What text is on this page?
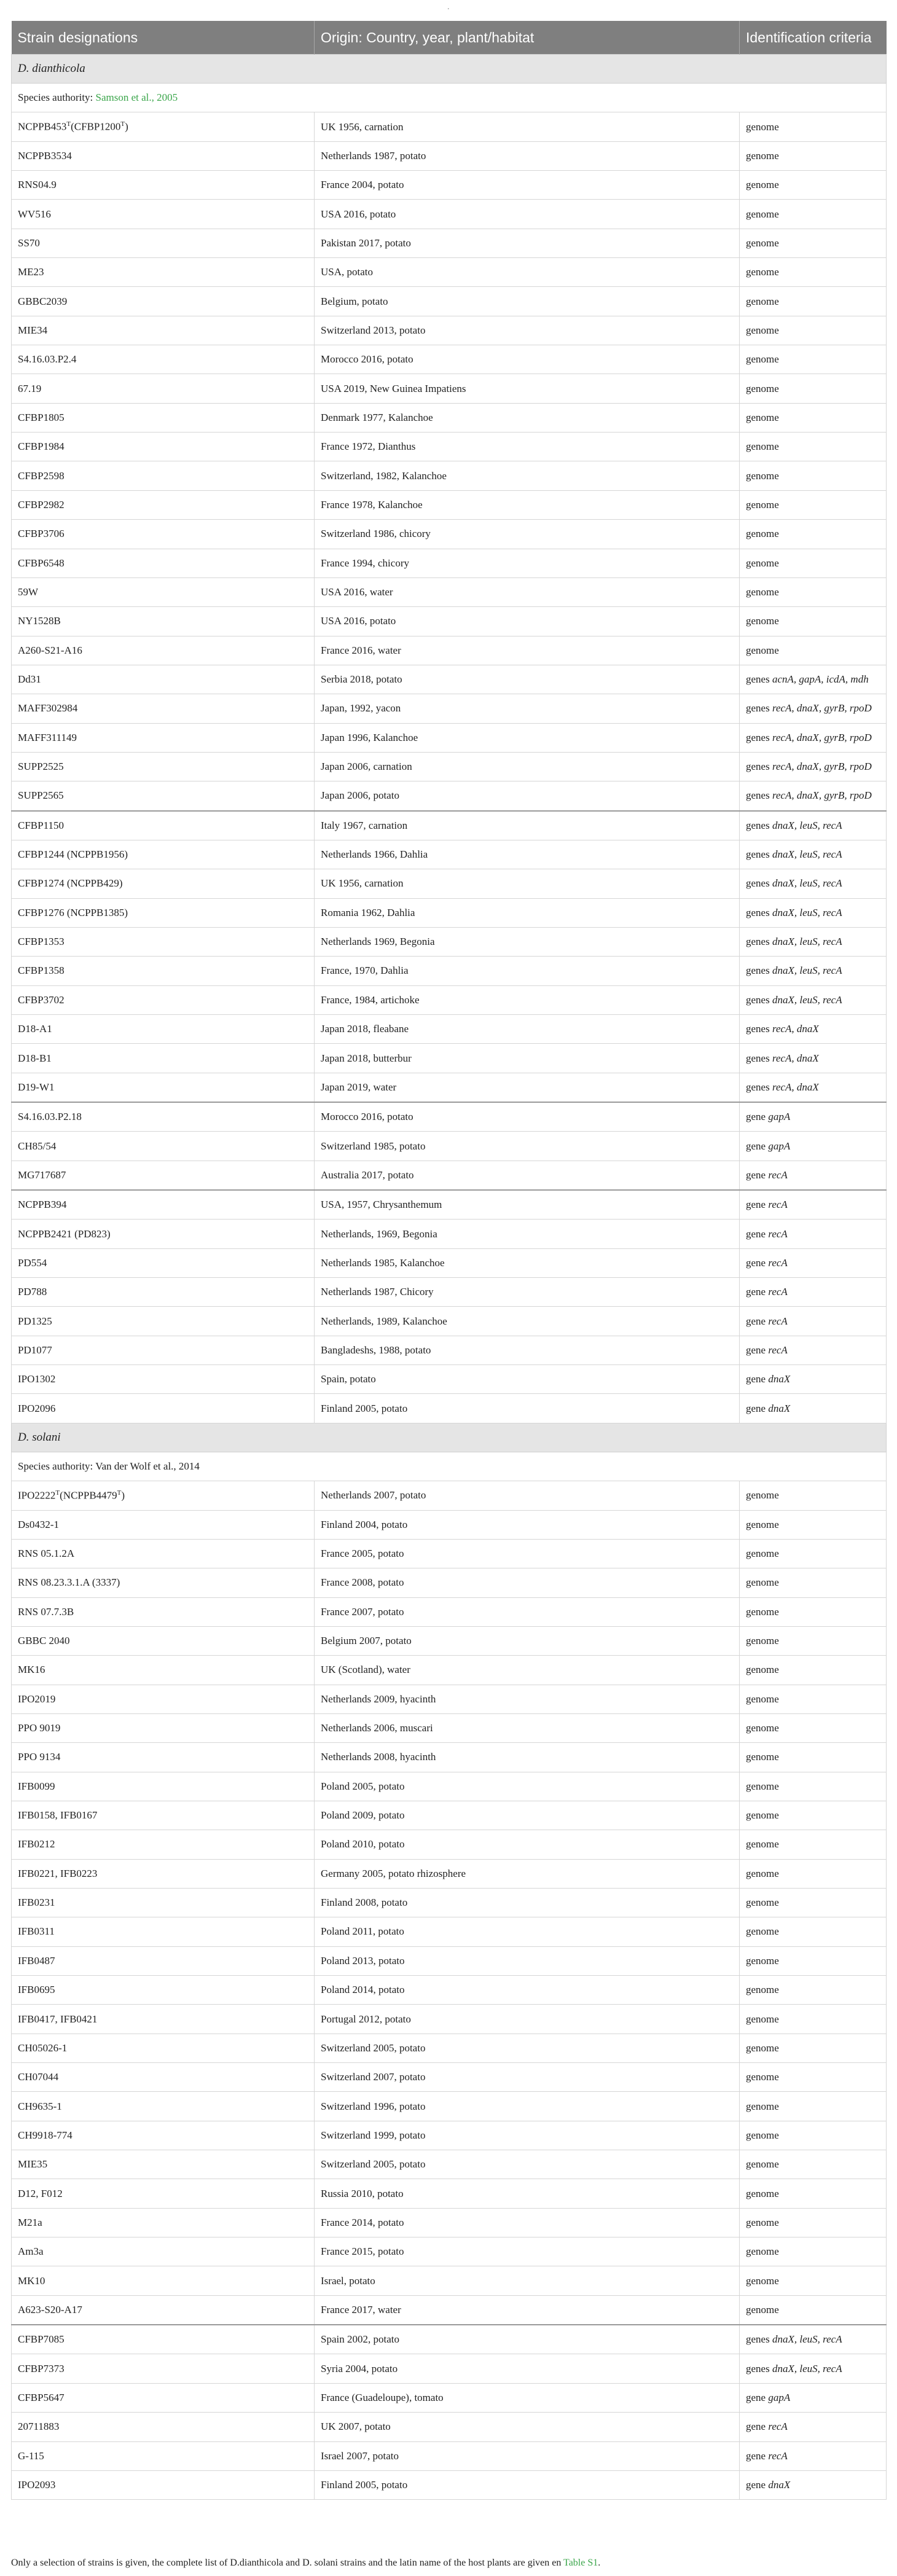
.
Strain designations	Origin: Country, year, plant/habitat	Identification criteria
D. dianthicola		
Species authority: Samson et al., 2005		
$NCPPB453^T(CFBP1200^T)$	UK 1956, carnation	genome
NCPPB3534	Netherlands 1987, potato	genome
RNS04.9	France 2004, potato	genome
WV516	USA 2016, potato	genome
SS70	Pakistan 2017, potato	genome
ME23	USA, potato	genome
GBBC2039	Belgium, potato	genome
MIE34	Switzerland 2013, potato	genome
S4.16.03.P2.4	Morocco 2016, potato	genome
67.19	USA 2019, New Guinea Impatiens	genome
CFBP1805	Denmark 1977, Kalanchoe	genome
CFBP1984	France 1972, Dianthus	genome
CFBP2598	Switzerland, 1982, Kalanchoe	genome
CFBP2982	France 1978, Kalanchoe	genome
CFBP3706	Switzerland 1986, chicory	genome
CFBP6548	France 1994, chicory	genome
59W	USA 2016, water	genome
NY1528B	USA 2016, potato	genome
A260-S21-A16	France 2016, water	genome
Dd31	Serbia 2018, potato	genes acnA, gapA, icdA, mdh
MAFF302984	Japan, 1992, yacon	genes recA, dnaX, gyrB, rpoD
MAFF311149	Japan 1996, Kalanchoe	genes recA, dnaX, gyrB, rpoD
SUPP2525	Japan 2006, carnation	genes recA, dnaX, gyrB, rpoD
SUPP2565	Japan 2006, potato	genes recA, dnaX, gyrB, rpoD
CFBP1150	Italy 1967, carnation	genes dnaX, leuS, recA
CFBP1244 (NCPPB1956)	Netherlands 1966, Dahlia	genes dnaX, leuS, recA
CFBP1274 (NCPPB429)	UK 1956, carnation	genes dnaX, leuS, recA
CFBP1276 (NCPPB1385)	Romania 1962, Dahlia	genes dnaX, leuS, recA
CFBP1353	Netherlands 1969, Begonia	genes dnaX, leuS, recA
CFBP1358	France, 1970, Dahlia	genes dnaX, leuS, recA
CFBP3702	France, 1984, artichoke	genes dnaX, leuS, recA
D18-A1	Japan 2018, fleabane	genes recA, dnaX
D18-B1	Japan 2018, butterbur	genes recA, dnaX
D19-W1	Japan 2019, water	genes recA, dnaX
S4.16.03.P2.18	Morocco 2016, potato	gene gapA
CH85/54	Switzerland 1985, potato	gene gapA
MG717687	Australia 2017, potato	gene recA
NCPPB394	USA, 1957, Chrysanthemum	gene recA
NCPPB2421 (PD823)	Netherlands, 1969, Begonia	gene recA
PD554	Netherlands 1985, Kalanchoe	gene recA
PD788	Netherlands 1987, Chicory	gene recA
PD1325	Netherlands, 1989, Kalanchoe	gene recA
PD1077	Bangladeshs, 1988, potato	gene recA
IPO1302	Spain, potato	gene dnaX
IPO2096	Finland 2005, potato	gene dnaX
D. solani		
Species authority: Van der Wolf et al., 2014		
$IPO2222^T(NCPPB4479^T)$	Netherlands 2007, potato	genome
Ds0432-1	Finland 2004, potato	genome
RNS 05.1.2A	France 2005, potato	genome
RNS 08.23.3.1.A (3337)	France 2008, potato	genome
RNS 07.7.3B	France 2007, potato	genome
GBBC 2040	Belgium 2007, potato	genome
MK16	UK (Scotland), water	genome
IPO2019	Netherlands 2009, hyacinth	genome
PPO 9019	Netherlands 2006, muscari	genome
PPO 9134	Netherlands 2008, hyacinth	genome
IFB0099	Poland 2005, potato	genome
IFB0158, IFB0167	Poland 2009, potato	genome
IFB0212	Poland 2010, potato	genome
IFB0221, IFB0223	Germany 2005, potato rhizosphere	genome
IFB0231	Finland 2008, potato	genome
IFB0311	Poland 2011, potato	genome
IFB0487	Poland 2013, potato	genome
IFB0695	Poland 2014, potato	genome
IFB0417, IFB0421	Portugal 2012, potato	genome
CH05026-1	Switzerland 2005, potato	genome
CH07044	Switzerland 2007, potato	genome
CH9635-1	Switzerland 1996, potato	genome
CH9918-774	Switzerland 1999, potato	genome
MIE35	Switzerland 2005, potato	genome
D12, F012	Russia 2010, potato	genome
M21a	France 2014, potato	genome
Am3a	France 2015, potato	genome
MK10	Israel, potato	genome
A623-S20-A17	France 2017, water	genome
CFBP7085	Spain 2002, potato	genes dnaX, leuS, recA
CFBP7373	Syria 2004, potato	genes dnaX, leuS, recA
CFBP5647	France (Guadeloupe), tomato	gene gapA
20711883	UK 2007, potato	gene recA
G-115	Israel 2007, potato	gene recA
IPO2093	Finland 2005, potato	gene dnaX
Only a selection of strains is given, the complete list of D.dianthicola and D. solani strains and the latin name of the host plants are given en Table S1.
